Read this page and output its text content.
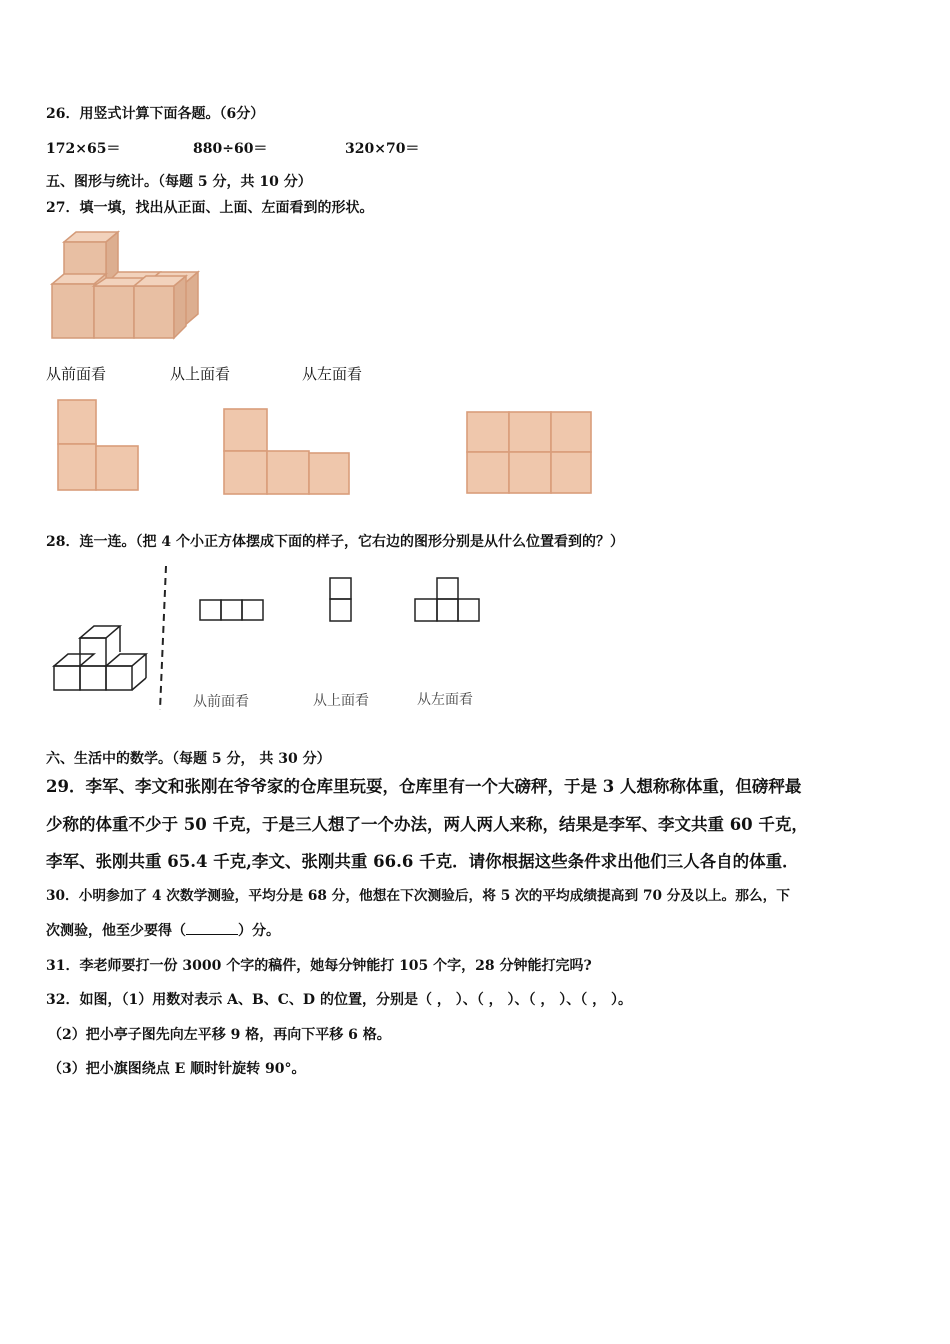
26．用竖式计算下面各题。（6分）
172×65＝	880÷60＝	320×70＝
五、图形与统计。（每题 5 分，共 10 分）
27．填一填，找出从正面、上面、左面看到的形状。
从前面看	从上面看	从左面看
28．连一连。（把 4 个小正方体摆成下面的样子，它右边的图形分别是从什么位置看到的？）
从前面看	从上面看	从左面看
六、生活中的数学。（每题 5 分， 共 30 分）
29．李军、李文和张刚在爷爷家的仓库里玩耍，仓库里有一个大磅秤，于是 3 人想称称体重，但磅秤最
少称的体重不少于 50 千克，于是三人想了一个办法，两人两人来称，结果是李军、李文共重 60 千克，
李军、张刚共重 65.4 千克,李文、张刚共重 66.6 千克．请你根据这些条件求出他们三人各自的体重．
30．小明参加了 4 次数学测验，平均分是 68 分，他想在下次测验后，将 5 次的平均成绩提高到 70 分及以上。那么，下
次测验，他至少要得（	）分。
31．李老师要打一份 3000 个字的稿件，她每分钟能打 105 个字，28 分钟能打完吗?
32．如图，（1）用数对表示 A、B、C、D 的位置，分别是（ ， ）、（ ， ）、（ ， ）、（ ， ）。
（2）把小亭子图先向左平移 9 格，再向下平移 6 格。
（3）把小旗图绕点 E 顺时针旋转 90°。
